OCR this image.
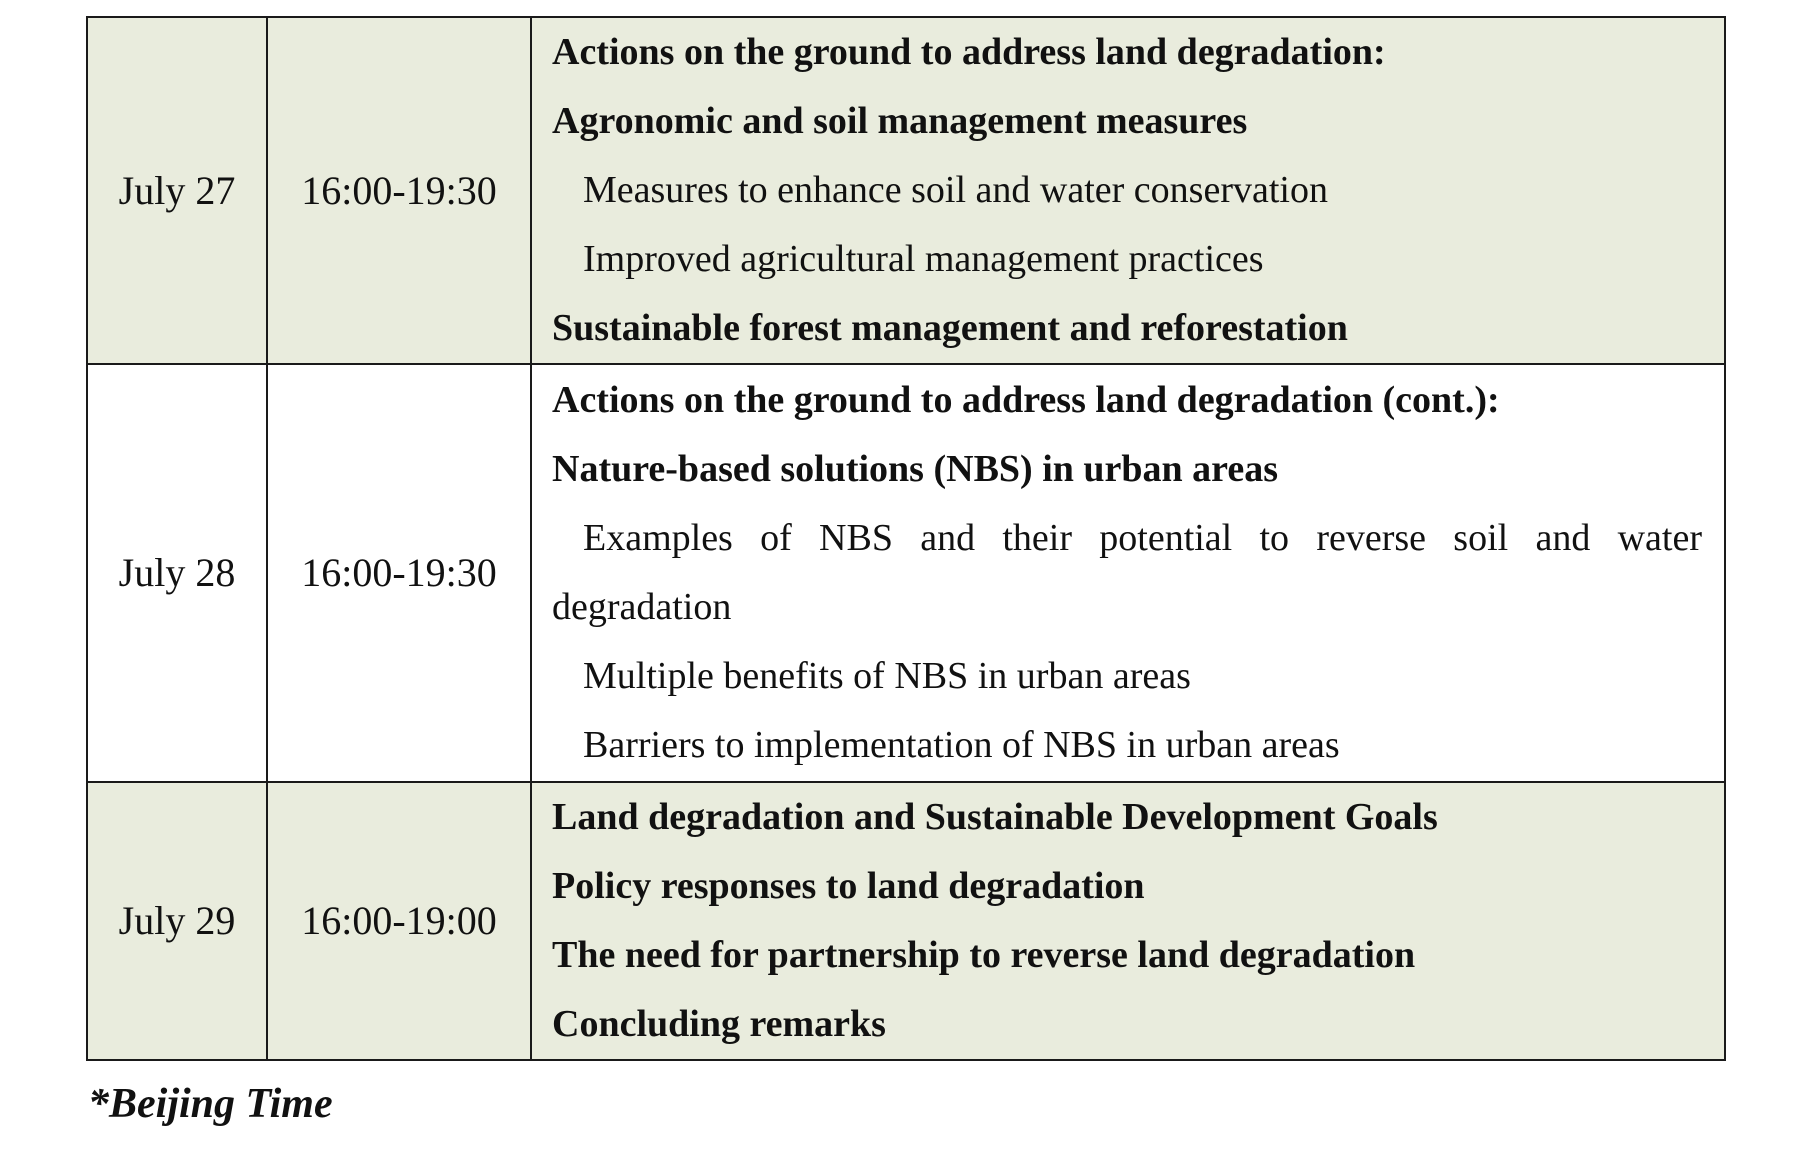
July 27	16:00-19:30	Actions on the ground to address land degradation:
Agronomic and soil management measures
Measures to enhance soil and water conservation
Improved agricultural management practices
Sustainable forest management and reforestation

July 28	16:00-19:30	Actions on the ground to address land degradation (cont.):
Nature-based solutions (NBS) in urban areas
Examples of NBS and their potential to reverse soil and water degradation
Multiple benefits of NBS in urban areas
Barriers to implementation of NBS in urban areas

July 29	16:00-19:00	Land degradation and Sustainable Development Goals
Policy responses to land degradation
The need for partnership to reverse land degradation
Concluding remarks
*Beijing Time
